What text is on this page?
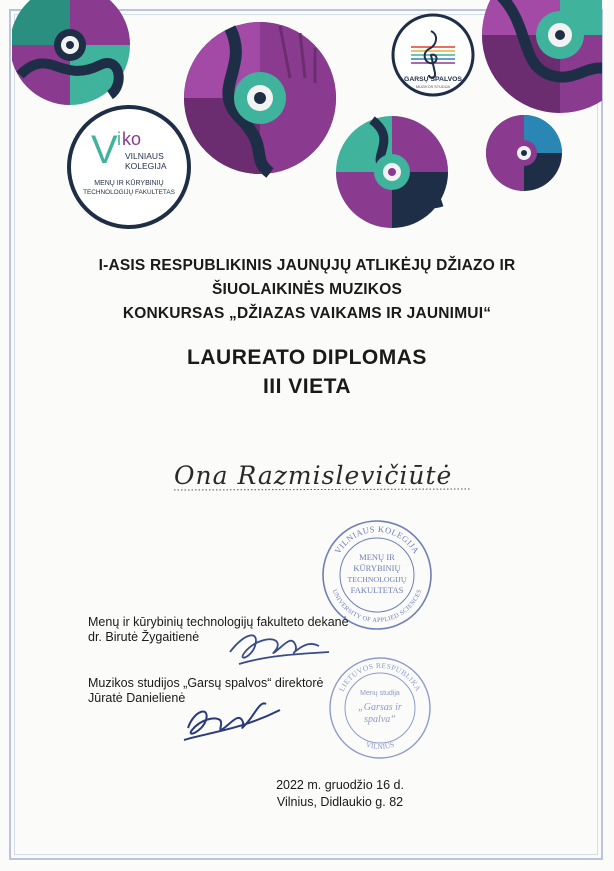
V i ko
VILNIAUS
KOLEGIJA
MENŲ IR KŪRYBINIŲ
TECHNOLOGIJŲ FAKULTETAS
GARSŲ SPALVOS
MUZIKOS STUDIJA
I-ASIS RESPUBLIKINIS JAUNŲJŲ ATLIKĖJŲ DŽIAZO IR
ŠIUOLAIKINĖS MUZIKOS
KONKURSAS „DŽIAZAS VAIKAMS IR JAUNIMUI“
LAUREATO DIPLOMAS
III VIETA
Ona Razmislevičiūtė
VILNIAUS KOLEGIJA
UNIVERSITY OF APPLIED SCIENCES
MENŲ IR
KŪRYBINIŲ
TECHNOLOGIJŲ
FAKULTETAS
LIETUVOS RESPUBLIKA
VILNIUS
Menų studija
„Garsas ir
spalva“
Menų ir kūrybinių technologijų fakulteto dekanė
dr. Birutė Žygaitienė
Muzikos studijos „Garsų spalvos“ direktorė
Jūratė Danielienė
2022 m. gruodžio 16 d.
Vilnius, Didlaukio g. 82
